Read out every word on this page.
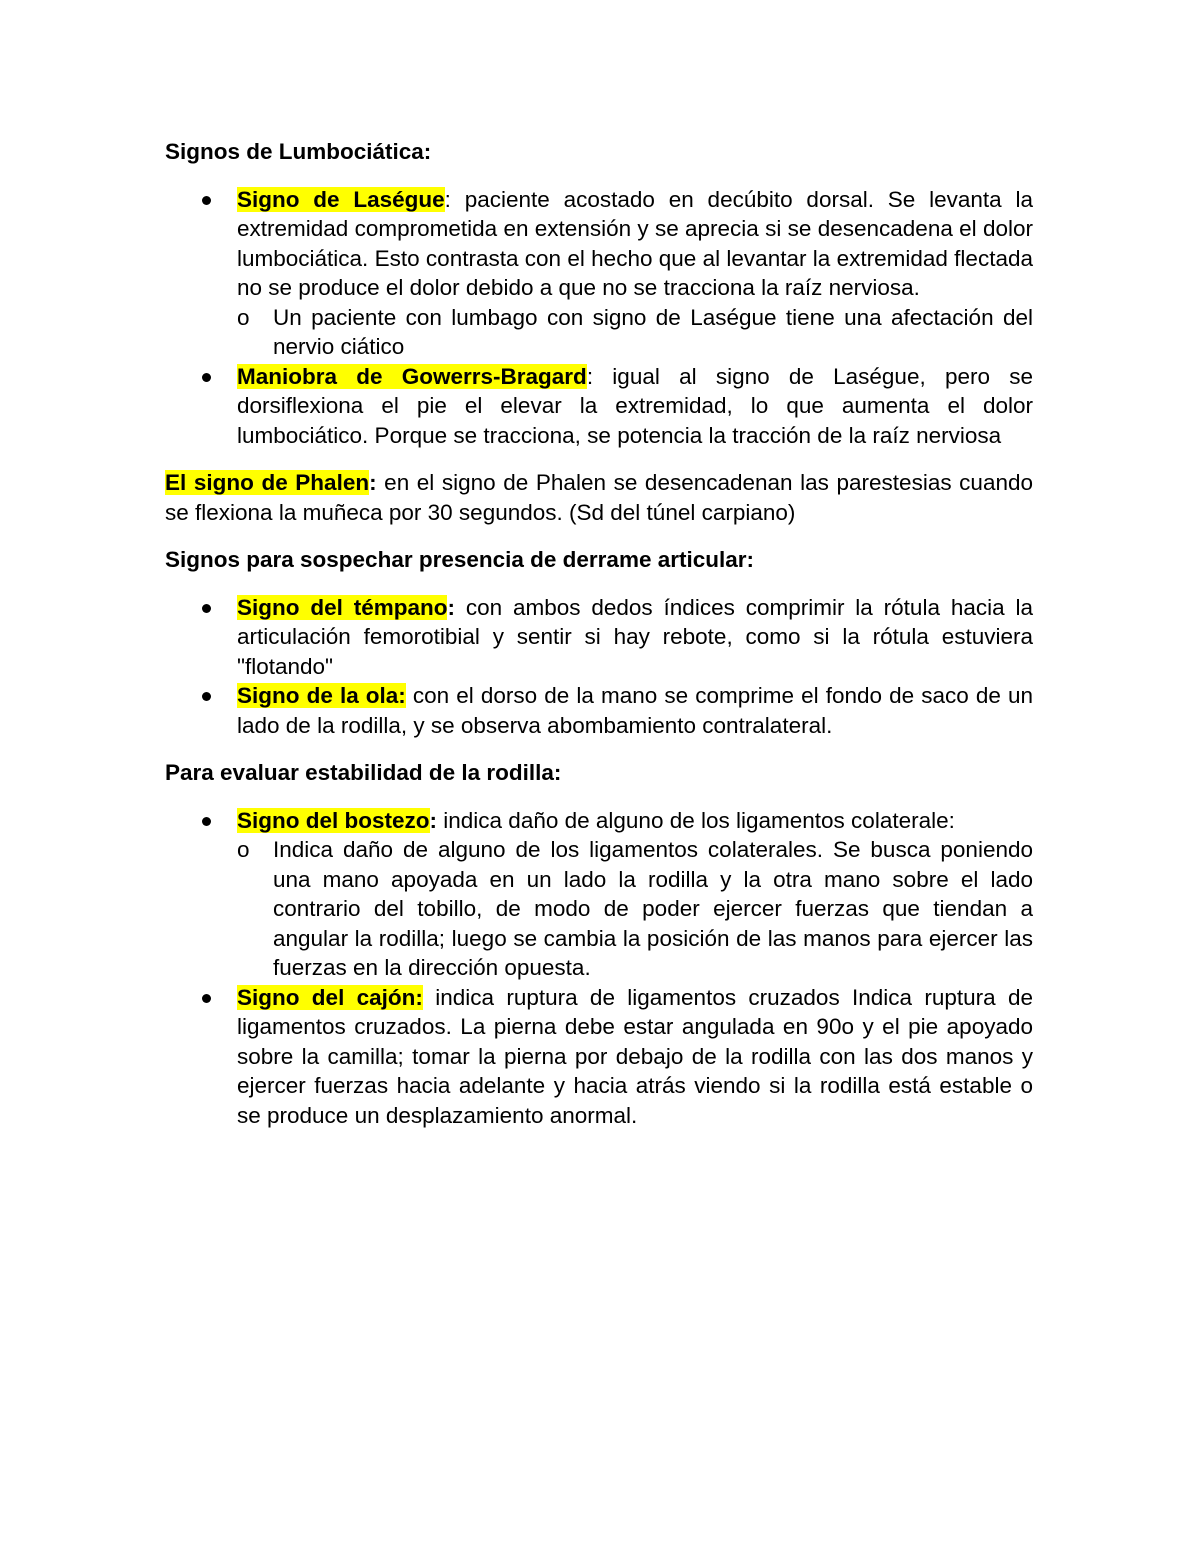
Signos de Lumbociática:

Signo de Laségue: paciente acostado en decúbito dorsal. Se levanta la extremidad comprometida en extensión y se aprecia si se desencadena el dolor lumbociática. Esto contrasta con el hecho que al levantar la extremidad flectada no se produce el dolor debido a que no se tracciona la raíz nerviosa.
o Un paciente con lumbago con signo de Laségue tiene una afectación del nervio ciático
Maniobra de Gowerrs-Bragard: igual al signo de Laségue, pero se dorsiflexiona el pie el elevar la extremidad, lo que aumenta el dolor lumbociático. Porque se tracciona, se potencia la tracción de la raíz nerviosa

El signo de Phalen: en el signo de Phalen se desencadenan las parestesias cuando se flexiona la muñeca por 30 segundos. (Sd del túnel carpiano)

Signos para sospechar presencia de derrame articular:

Signo del témpano: con ambos dedos índices comprimir la rótula hacia la articulación femorotibial y sentir si hay rebote, como si la rótula estuviera "flotando"
Signo de la ola: con el dorso de la mano se comprime el fondo de saco de un lado de la rodilla, y se observa abombamiento contralateral.

Para evaluar estabilidad de la rodilla:

Signo del bostezo: indica daño de alguno de los ligamentos colaterale:
o Indica daño de alguno de los ligamentos colaterales. Se busca poniendo una mano apoyada en un lado la rodilla y la otra mano sobre el lado contrario del tobillo, de modo de poder ejercer fuerzas que tiendan a angular la rodilla; luego se cambia la posición de las manos para ejercer las fuerzas en la dirección opuesta.
Signo del cajón: indica ruptura de ligamentos cruzados Indica ruptura de ligamentos cruzados. La pierna debe estar angulada en 90o y el pie apoyado sobre la camilla; tomar la pierna por debajo de la rodilla con las dos manos y ejercer fuerzas hacia adelante y hacia atrás viendo si la rodilla está estable o se produce un desplazamiento anormal.
